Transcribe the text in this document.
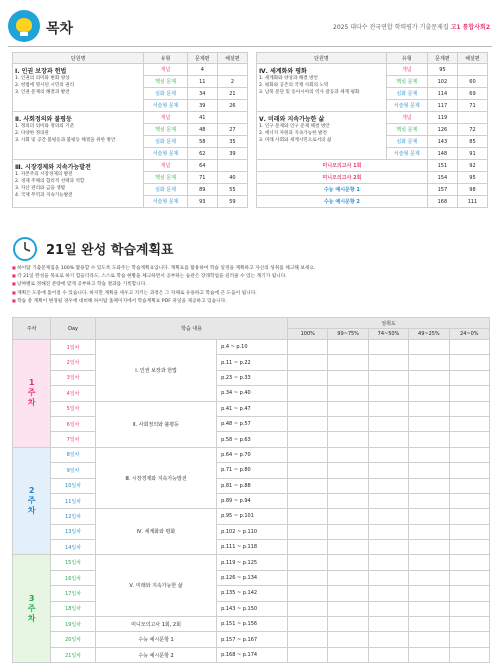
목차	2025 대다수 전국연합 학력평가 기출문제집 고1 통합사회2
단원명	유형	문제편	해설편

Ⅰ. 인권 보장과 헌법
1. 인권의 의미와 변화 양상
2. 헌법에 명시된 시민의 권리
3. 인권 문제의 해결과 발전	개념	4	
	핵심 문제	11	2
	심화 문제	34	21
	서술형 문제	39	26

Ⅱ. 사회정의와 불평등
1. 정의의 의미와 정의의 기준
2. 다양한 정의관
3. 사회 및 공간 불평등과 불평등 해결을 위한 방안	개념	41	
	핵심 문제	48	27
	심화 문제	58	35
	서술형 문제	62	39

Ⅲ. 시장경제와 지속가능발전
1. 자본주의 시장경제의 발전
2. 경제 주체의 합리적 선택과 역할
3. 자산 관리와 금융 생활
4. 국제 무역과 지속가능발전	개념	64	
	핵심 문제	71	40
	심화 문제	89	55
	서술형 문제	93	59
단원명	유형	문제편	해설편

Ⅳ. 세계화와 평화
1. 세계화와 양상과 해결 방안
2. 평화와 공존의 국제 사회의 노력
3. 남북 분단 및 동아시아의 역사 갈등과 세계 평화	개념	95	
	핵심 문제	102	60
	심화 문제	114	69
	서술형 문제	117	71

Ⅴ. 미래와 지속가능한 삶
1. 인구 문제와 인구 문제 해결 방안
2. 에너지 자원과 지속가능한 발전
3. 미래 사회와 세계시민으로서의 삶	개념	119	
	핵심 문제	126	72
	심화 문제	143	85
	서술형 문제	148	91
미니모의고사 1회		151	92
미니모의고사 2회		154	95
수능 예시문항 1		157	98
수능 예시문항 2		168	111
21일 완성 학습계획표
■ 하이탑 기출문제집을 100% 활용할 수 있도록 도와주는 학습계획표입니다. 계획표를 활용하여 학습 일정을 계획하고 자신의 성취를 체크해 보세요.
■ 각 21일 완성을 목표로 하기 힘들더라도, 스스로 학습 현황을 체크하면서 공부하는 습관은 장래학업을 길러줄 수 있는 계기가 됩니다.
■ 날짜별로 정해진 분량에 맞게 공부하고 학습 결과를 기록합니다.
■ 계획은 도중에 틀어질 수 있습니다. 하지만 계획을 세우고 지키는 과정은 그 자체로 유용하고 학습에 큰 도움이 됩니다.
■ 학습 총 계획이 변경될 경우에 대비해 하이탑 홈페이지에서 학습계획표 PDF 파일을 제공하고 있습니다.
주차	Day	학습 내용		성취도				
				100%	99~75%	74~50%	49~25%	24~0%

1
주
차	1일차	Ⅰ. 인권 보장과 헌법	p.4 ~ p.10					
	2일차		p.11 ~ p.22					
	3일차		p.23 ~ p.33					
	4일차		p.34 ~ p.40					
	5일차	Ⅱ. 사회정의와 불평등	p.41 ~ p.47					
	6일차		p.48 ~ p.57					
	7일차		p.58 ~ p.63					

2
주
차	8일차	Ⅲ. 시장경제와 지속가능발전	p.64 ~ p.70					
	9일차		p.71 ~ p.80					
	10일차		p.81 ~ p.88					
	11일차		p.89 ~ p.94					
	12일차	Ⅳ. 세계화와 평화	p.95 ~ p.101					
	13일차		p.102 ~ p.110					
	14일차		p.111 ~ p.118					

3
주
차	15일차	Ⅴ. 미래와 지속가능한 삶	p.119 ~ p.125					
	16일차		p.126 ~ p.134					
	17일차		p.135 ~ p.142					
	18일차		p.143 ~ p.150					
	19일차	미니모의고사 1회, 2회	p.151 ~ p.156					
	20일차	수능 예시문항 1	p.157 ~ p.167					
	21일차	수능 예시문항 2	p.168 ~ p.174					
